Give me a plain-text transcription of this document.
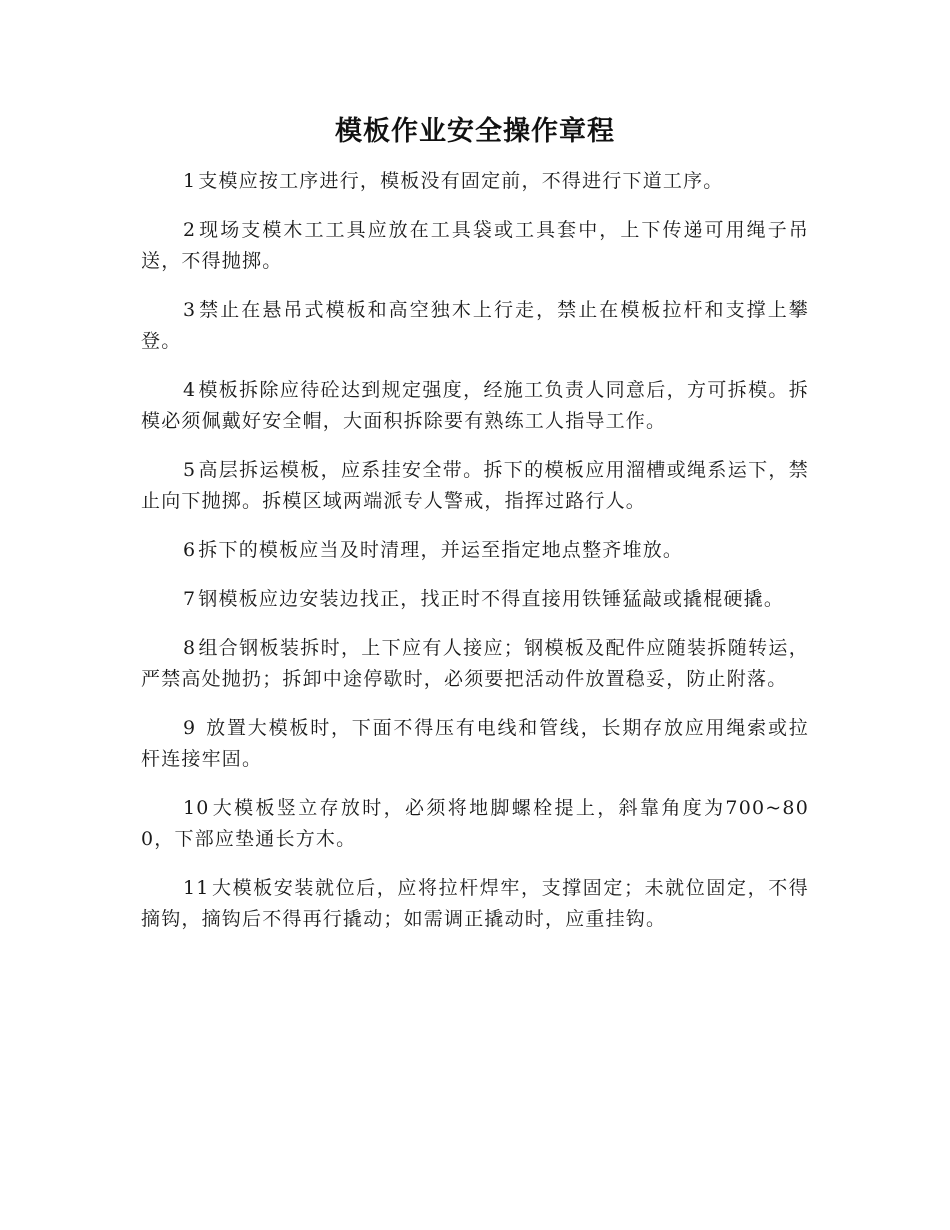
模板作业安全操作章程

1 支模应按工序进行，模板没有固定前，不得进行下道工序。

2 现场支模木工工具应放在工具袋或工具套中，上下传递可用绳子吊送，不得抛掷。

3 禁止在悬吊式模板和高空独木上行走，禁止在模板拉杆和支撑上攀登。

4 模板拆除应待砼达到规定强度，经施工负责人同意后，方可拆模。拆模必须佩戴好安全帽，大面积拆除要有熟练工人指导工作。

5 高层拆运模板，应系挂安全带。拆下的模板应用溜槽或绳系运下，禁止向下抛掷。拆模区域两端派专人警戒，指挥过路行人。

6 拆下的模板应当及时清理，并运至指定地点整齐堆放。

7 钢模板应边安装边找正，找正时不得直接用铁锤猛敲或撬棍硬撬。

8 组合钢板装拆时，上下应有人接应；钢模板及配件应随装拆随转运，严禁高处抛扔；拆卸中途停歇时，必须要把活动件放置稳妥，防止附落。

9 放置大模板时，下面不得压有电线和管线，长期存放应用绳索或拉杆连接牢固。

10 大模板竖立存放时，必须将地脚螺栓提上，斜靠角度为700~800，下部应垫通长方木。

11 大模板安装就位后，应将拉杆焊牢，支撑固定；未就位固定，不得摘钩，摘钩后不得再行撬动；如需调正撬动时，应重挂钩。
